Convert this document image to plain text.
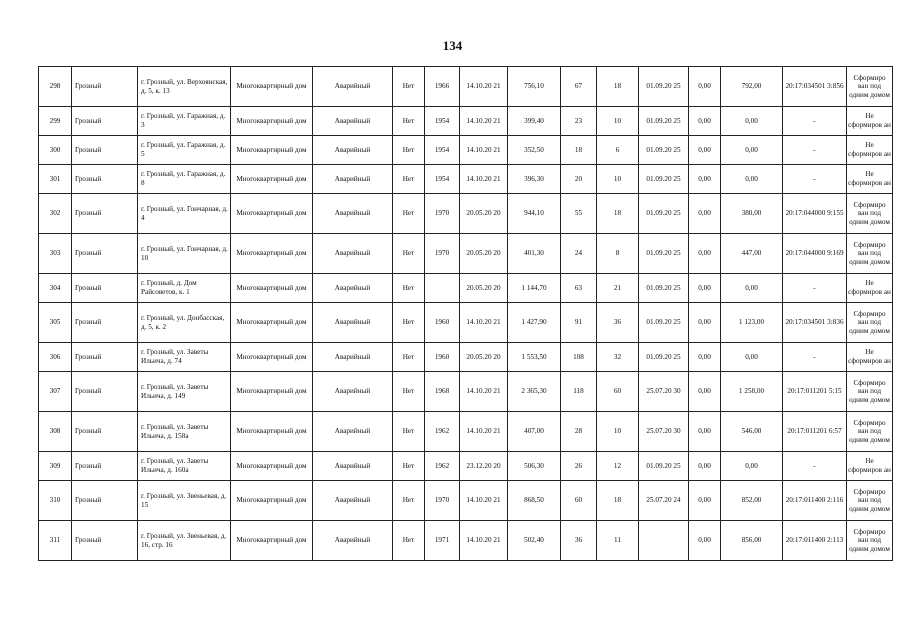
134
298	Грозный	г. Грозный, ул. Верхоянская, д. 5, к. 13	Многоквартирный дом	Аварийный	Нет	1966	14.10.20 21	756,10	67	18	01.09.20 25	0,00	792,00	20:17:034501 3:856	Сформиро ван под одним домом
299	Грозный	г. Грозный, ул. Гаражная, д. 3	Многоквартирный дом	Аварийный	Нет	1954	14.10.20 21	399,40	23	10	01.09.20 25	0,00	0,00	-	Не сформиров ан
300	Грозный	г. Грозный, ул. Гаражная, д. 5	Многоквартирный дом	Аварийный	Нет	1954	14.10.20 21	352,50	18	6	01.09.20 25	0,00	0,00	-	Не сформиров ан
301	Грозный	г. Грозный, ул. Гаражная, д. 8	Многоквартирный дом	Аварийный	Нет	1954	14.10.20 21	396,30	20	10	01.09.20 25	0,00	0,00	-	Не сформиров ан
302	Грозный	г. Грозный, ул. Гончарная, д. 4	Многоквартирный дом	Аварийный	Нет	1970	20.05.20 20	944,10	55	18	01.09.20 25	0,00	380,00	20:17:044000 9:155	Сформиро ван под одним домом
303	Грозный	г. Грозный, ул. Гончарная, д. 10	Многоквартирный дом	Аварийный	Нет	1970	20.05.20 20	401,30	24	8	01.09.20 25	0,00	447,00	20:17:044000 9:169	Сформиро ван под одним домом
304	Грозный	г. Грозный, д. Дом Райсоветов, к. 1	Многоквартирный дом	Аварийный	Нет		20.05.20 20	1 144,70	63	21	01.09.20 25	0,00	0,00	-	Не сформиров ан
305	Грозный	г. Грозный, ул. Донбасская, д. 5, к. 2	Многоквартирный дом	Аварийный	Нет	1960	14.10.20 21	1 427,90	91	36	01.09.20 25	0,00	1 123,00	20:17:034501 3:836	Сформиро ван под одним домом
306	Грозный	г. Грозный, ул. Заветы Ильича, д. 74	Многоквартирный дом	Аварийный	Нет	1960	20.05.20 20	1 553,50	108	32	01.09.20 25	0,00	0,00	-	Не сформиров ан
307	Грозный	г. Грозный, ул. Заветы Ильича, д. 149	Многоквартирный дом	Аварийный	Нет	1968	14.10.20 21	2 365,30	118	60	25.07.20 30	0,00	1 258,00	20:17:011201 5:15	Сформиро ван под одним домом
308	Грозный	г. Грозный, ул. Заветы Ильича, д. 158а	Многоквартирный дом	Аварийный	Нет	1962	14.10.20 21	407,00	28	10	25.07.20 30	0,00	546,00	20:17:011201 6:57	Сформиро ван под одним домом
309	Грозный	г. Грозный, ул. Заветы Ильича, д. 160а	Многоквартирный дом	Аварийный	Нет	1962	23.12.20 20	506,30	26	12	01.09.20 25	0,00	0,00	-	Не сформиров ан
310	Грозный	г. Грозный, ул. Звеньевая, д. 15	Многоквартирный дом	Аварийный	Нет	1970	14.10.20 21	868,50	60	18	25.07.20 24	0,00	852,00	20:17:011400 2:116	Сформиро ван под одним домом
311	Грозный	г. Грозный, ул. Звеньевая, д. 16, стр. 16	Многоквартирный дом	Аварийный	Нет	1971	14.10.20 21	502,40	36	11		0,00	856,00	20:17:011400 2:113	Сформиро ван под одним домом
